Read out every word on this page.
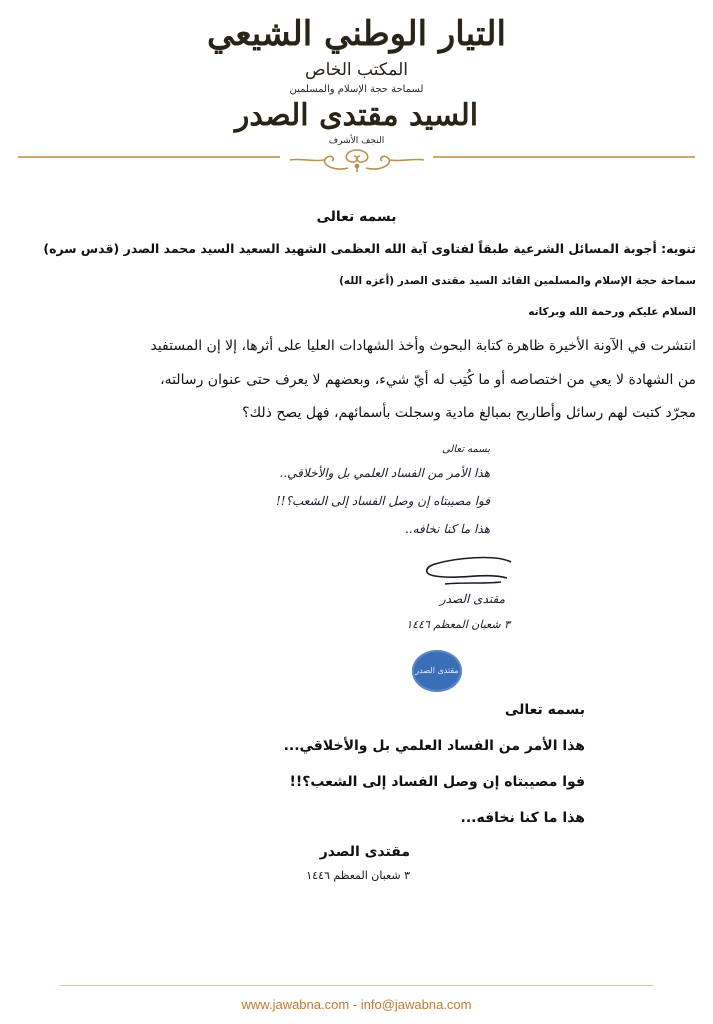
التيار الوطني الشيعي
المكتب الخاص
لسماحة حجة الإسلام والمسلمين
السيد مقتدى الصدر
النجف الأشرف
بسمه تعالى
تنويه: أجوبة المسائل الشرعية طبقاً لفتاوى آية الله العظمى الشهيد السعيد السيد محمد الصدر (قدس سره)
سماحة حجة الإسلام والمسلمين القائد السيد مقتدى الصدر (أعزه الله)
السلام عليكم ورحمة الله وبركاته
انتشرت في الآونة الأخيرة ظاهرة كتابة البحوث وأخذ الشهادات العليا على أثرها، إلا إن المستفيد
من الشهادة لا يعي من اختصاصه أو ما كُتِب له أيّ شيء، وبعضهم لا يعرف حتى عنوان رسالته،
مجرّد كتبت لهم رسائل وأطاريح بمبالغ مادية وسجلت بأسمائهم، فهل يصح ذلك؟
بسمه تعالى
هذا الأمر من الفساد العلمي بل والأخلاقي..
فوا مصيبتاه إن وصل الفساد إلى الشعب؟!!
هذا ما كنا نخافه..
مقتدى الصدر
٣ شعبان المعظم ١٤٤٦
مقتدى الصدر
بسمه تعالى
هذا الأمر من الفساد العلمي بل والأخلاقي...
فوا مصيبتاه إن وصل الفساد إلى الشعب؟!!
هذا ما كنا نخافه...
مقتدى الصدر
٣ شعبان المعظم ١٤٤٦
www.jawabna.com - info@jawabna.com
